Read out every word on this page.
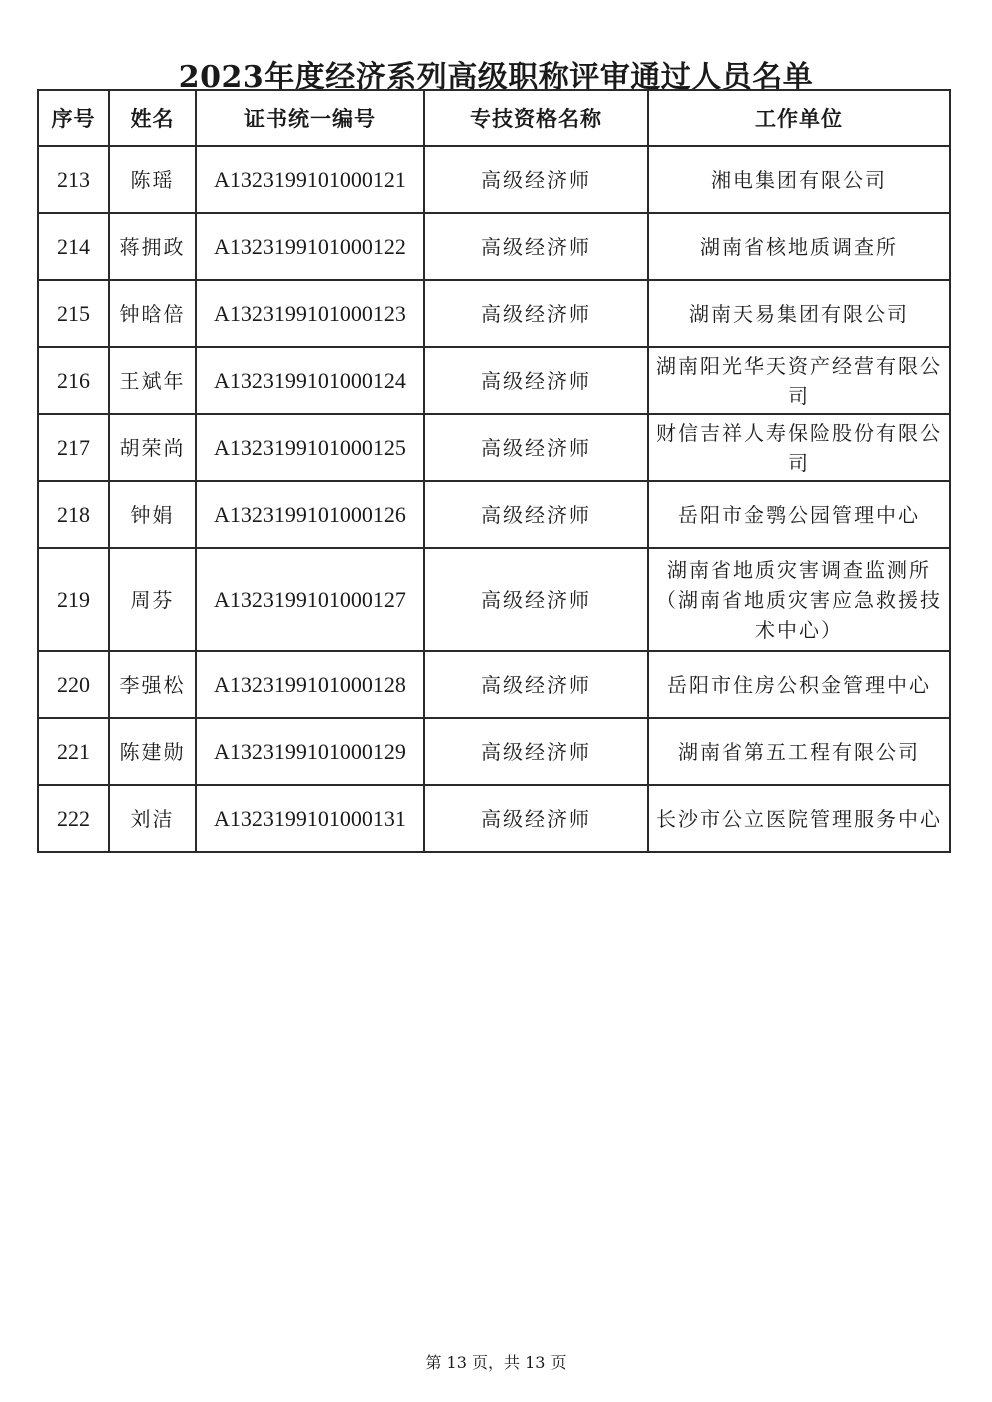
2023年度经济系列高级职称评审通过人员名单
序号	姓名	证书统一编号	专技资格名称	工作单位
213	陈瑶	A1323199101000121	高级经济师	湘电集团有限公司
214	蒋拥政	A1323199101000122	高级经济师	湖南省核地质调查所
215	钟晗倍	A1323199101000123	高级经济师	湖南天易集团有限公司
216	王斌年	A1323199101000124	高级经济师	湖南阳光华天资产经营有限公司
217	胡荣尚	A1323199101000125	高级经济师	财信吉祥人寿保险股份有限公司
218	钟娟	A1323199101000126	高级经济师	岳阳市金鹗公园管理中心
219	周芬	A1323199101000127	高级经济师	湖南省地质灾害调查监测所（湖南省地质灾害应急救援技术中心）
220	李强松	A1323199101000128	高级经济师	岳阳市住房公积金管理中心
221	陈建勋	A1323199101000129	高级经济师	湖南省第五工程有限公司
222	刘洁	A1323199101000131	高级经济师	长沙市公立医院管理服务中心
第 13 页，共 13 页
